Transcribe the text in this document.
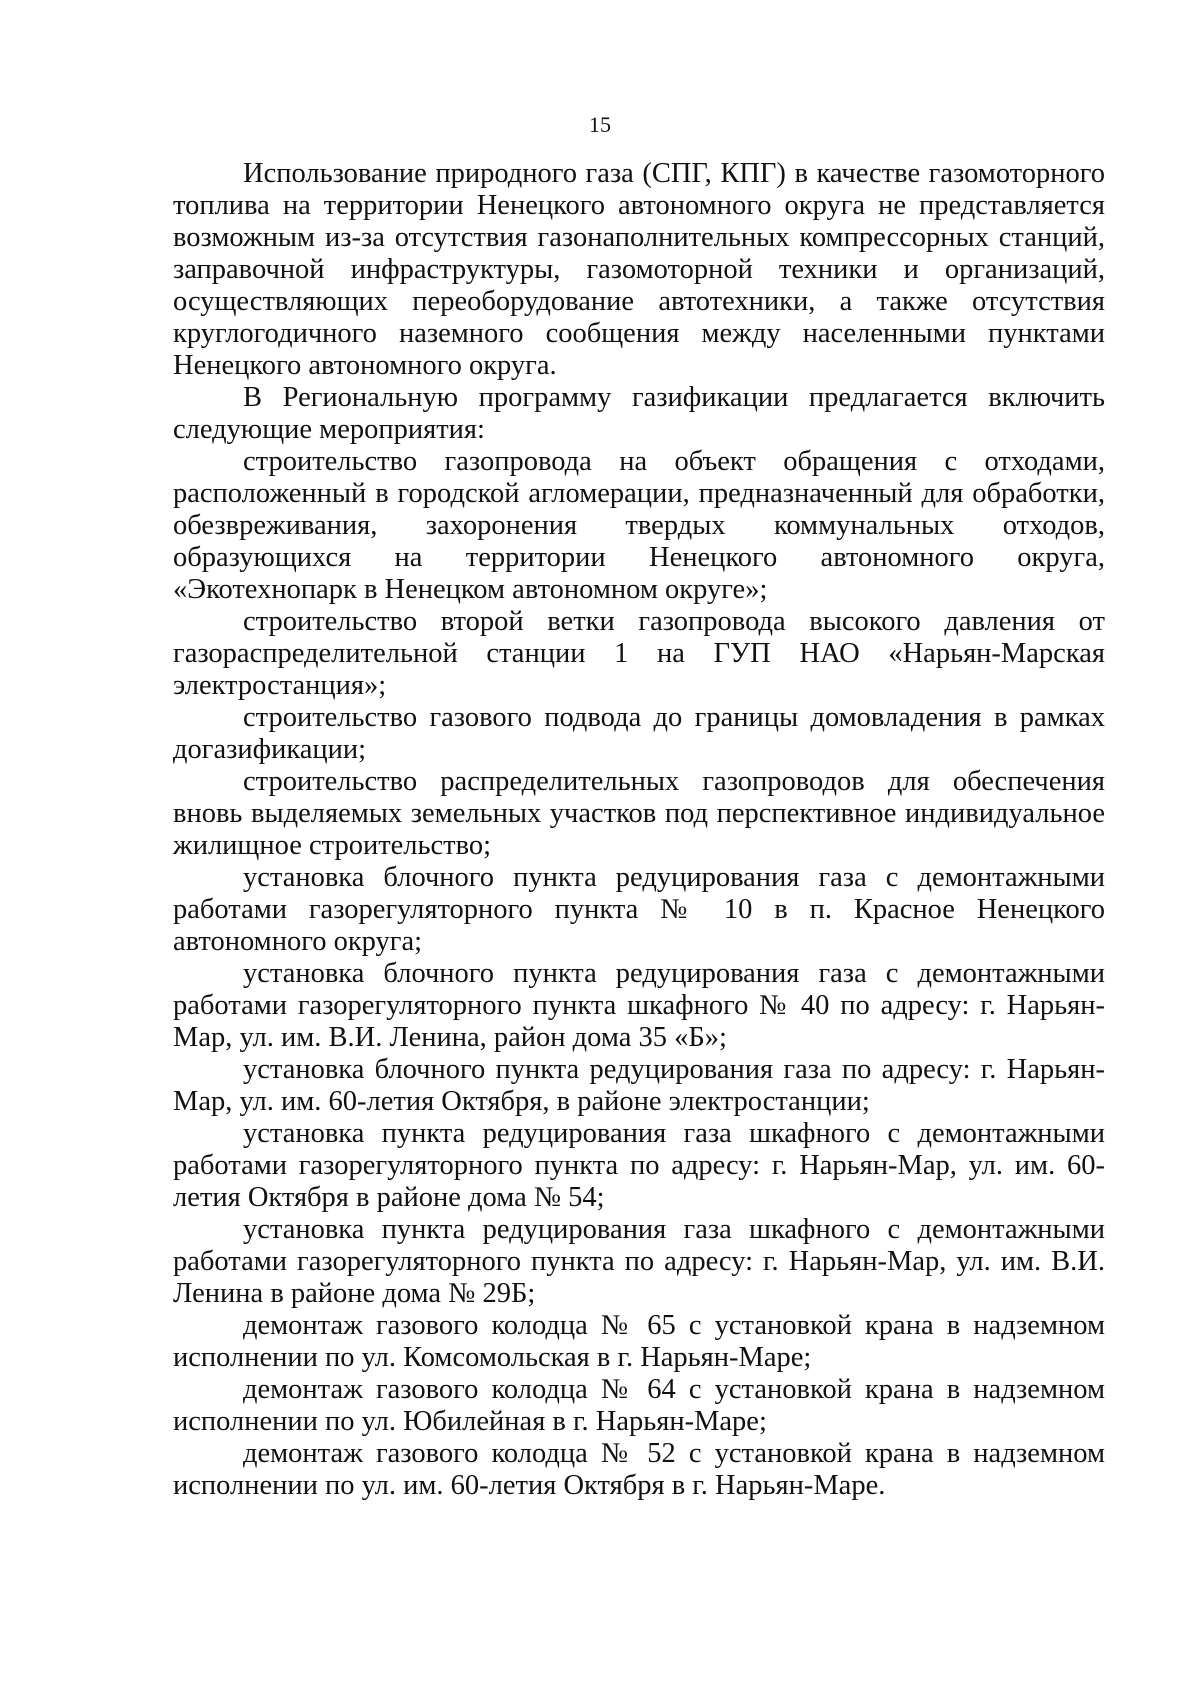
15

Использование природного газа (СПГ, КПГ) в качестве газомоторного топлива на территории Ненецкого автономного округа не представляется возможным из-за отсутствия газонаполнительных компрессорных станций, заправочной инфраструктуры, газомоторной техники и организаций, осуществляющих переоборудование автотехники, а также отсутствия круглогодичного наземного сообщения между населенными пунктами Ненецкого автономного округа.

В Региональную программу газификации предлагается включить следующие мероприятия:

строительство газопровода на объект обращения с отходами, расположенный в городской агломерации, предназначенный для обработки, обезвреживания, захоронения твердых коммунальных отходов, образующихся на территории Ненецкого автономного округа, «Экотехнопарк в Ненецком автономном округе»;

строительство второй ветки газопровода высокого давления от газораспределительной станции 1 на ГУП НАО «Нарьян-Марская электростанция»;

строительство газового подвода до границы домовладения в рамках догазификации;

строительство распределительных газопроводов для обеспечения вновь выделяемых земельных участков под перспективное индивидуальное жилищное строительство;

установка блочного пункта редуцирования газа с демонтажными работами газорегуляторного пункта № 10 в п. Красное Ненецкого автономного округа;

установка блочного пункта редуцирования газа с демонтажными работами газорегуляторного пункта шкафного № 40 по адресу: г. Нарьян-Мар, ул. им. В.И. Ленина, район дома 35 «Б»;

установка блочного пункта редуцирования газа по адресу: г. Нарьян-Мар, ул. им. 60-летия Октября, в районе электростанции;

установка пункта редуцирования газа шкафного с демонтажными работами газорегуляторного пункта по адресу: г. Нарьян-Мар, ул. им. 60-летия Октября в районе дома № 54;

установка пункта редуцирования газа шкафного с демонтажными работами газорегуляторного пункта по адресу: г. Нарьян-Мар, ул. им. В.И. Ленина в районе дома № 29Б;

демонтаж газового колодца № 65 с установкой крана в надземном исполнении по ул. Комсомольская в г. Нарьян-Маре;

демонтаж газового колодца № 64 с установкой крана в надземном исполнении по ул. Юбилейная в г. Нарьян-Маре;

демонтаж газового колодца № 52 с установкой крана в надземном исполнении по ул. им. 60-летия Октября в г. Нарьян-Маре.
